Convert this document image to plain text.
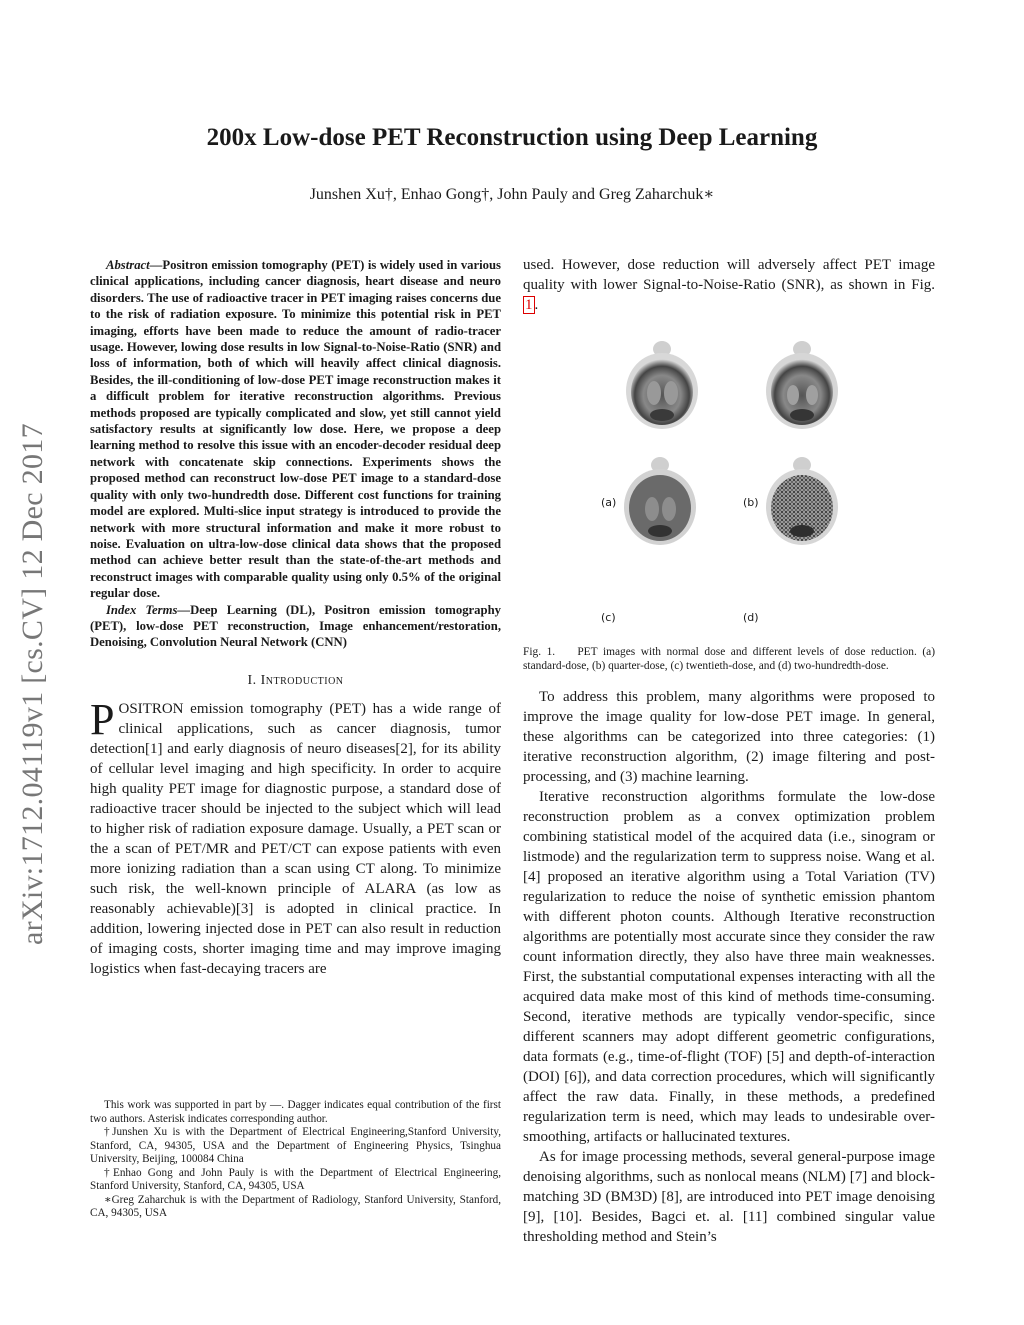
200x Low-dose PET Reconstruction using Deep Learning
Junshen Xu†, Enhao Gong†, John Pauly and Greg Zaharchuk∗
arXiv:1712.04119v1 [cs.CV] 12 Dec 2017

Abstract—Positron emission tomography (PET) is widely used in various clinical applications, including cancer diagnosis, heart disease and neuro disorders. The use of radioactive tracer in PET imaging raises concerns due to the risk of radiation exposure. To minimize this potential risk in PET imaging, efforts have been made to reduce the amount of radio-tracer usage. However, lowing dose results in low Signal-to-Noise-Ratio (SNR) and loss of information, both of which will heavily affect clinical diagnosis. Besides, the ill-conditioning of low-dose PET image reconstruction makes it a difficult problem for iterative reconstruction algorithms. Previous methods proposed are typically complicated and slow, yet still cannot yield satisfactory results at significantly low dose. Here, we propose a deep learning method to resolve this issue with an encoder-decoder residual deep network with concatenate skip connections. Experiments shows the proposed method can reconstruct low-dose PET image to a standard-dose quality with only two-hundredth dose. Different cost functions for training model are explored. Multi-slice input strategy is introduced to provide the network with more structural information and make it more robust to noise. Evaluation on ultra-low-dose clinical data shows that the proposed method can achieve better result than the state-of-the-art methods and reconstruct images with comparable quality using only 0.5% of the original regular dose.

Index Terms—Deep Learning (DL), Positron emission tomography (PET), low-dose PET reconstruction, Image enhancement/restoration, Denoising, Convolution Neural Network (CNN)

I. Introduction

POSITRON emission tomography (PET) has a wide range of clinical applications, such as cancer diagnosis, tumor detection[1] and early diagnosis of neuro diseases[2], for its ability of cellular level imaging and high specificity. In order to acquire high quality PET image for diagnostic purpose, a standard dose of radioactive tracer should be injected to the subject which will lead to higher risk of radiation exposure damage. Usually, a PET scan or the a scan of PET/MR and PET/CT can expose patients with even more ionizing radiation than a scan using CT along. To minimize such risk, the well-known principle of ALARA (as low as reasonably achievable)[3] is adopted in clinical practice. In addition, lowering injected dose in PET can also result in reduction of imaging costs, shorter imaging time and may improve imaging logistics when fast-decaying tracers are

This work was supported in part by —. Dagger indicates equal contribution of the first two authors. Asterisk indicates corresponding author.

†Junshen Xu is with the Department of Electrical Engineering,Stanford University, Stanford, CA, 94305, USA and the Department of Engineering Physics, Tsinghua University, Beijing, 100084 China

†Enhao Gong and John Pauly is with the Department of Electrical Engineering, Stanford University, Stanford, CA, 94305, USA

∗Greg Zaharchuk is with the Department of Radiology, Stanford University, Stanford, CA, 94305, USA

used. However, dose reduction will adversely affect PET image quality with lower Signal-to-Noise-Ratio (SNR), as shown in Fig. 1 .

(a)	(b)
(c)	(d)

Fig. 1. PET images with normal dose and different levels of dose reduction. (a) standard-dose, (b) quarter-dose, (c) twentieth-dose, and (d) two-hundredth-dose.

To address this problem, many algorithms were proposed to improve the image quality for low-dose PET image. In general, these algorithms can be categorized into three categories: (1) iterative reconstruction algorithm, (2) image filtering and post-processing, and (3) machine learning.

Iterative reconstruction algorithms formulate the low-dose reconstruction problem as a convex optimization problem combining statistical model of the acquired data (i.e., sinogram or listmode) and the regularization term to suppress noise. Wang et al. [4] proposed an iterative algorithm using a Total Variation (TV) regularization to reduce the noise of synthetic emission phantom with different photon counts. Although Iterative reconstruction algorithms are potentially most accurate since they consider the raw count information directly, they also have three main weaknesses. First, the substantial computational expenses interacting with all the acquired data make most of this kind of methods time-consuming. Second, iterative methods are typically vendor-specific, since different scanners may adopt different geometric configurations, data formats (e.g., time-of-flight (TOF) [5] and depth-of-interaction (DOI) [6]), and data correction procedures, which will significantly affect the raw data. Finally, in these methods, a predefined regularization term is need, which may leads to undesirable over-smoothing, artifacts or hallucinated textures.

As for image processing methods, several general-purpose image denoising algorithms, such as nonlocal means (NLM) [7] and block-matching 3D (BM3D) [8], are introduced into PET image denoising [9], [10]. Besides, Bagci et. al. [11] combined singular value thresholding method and Stein’s
